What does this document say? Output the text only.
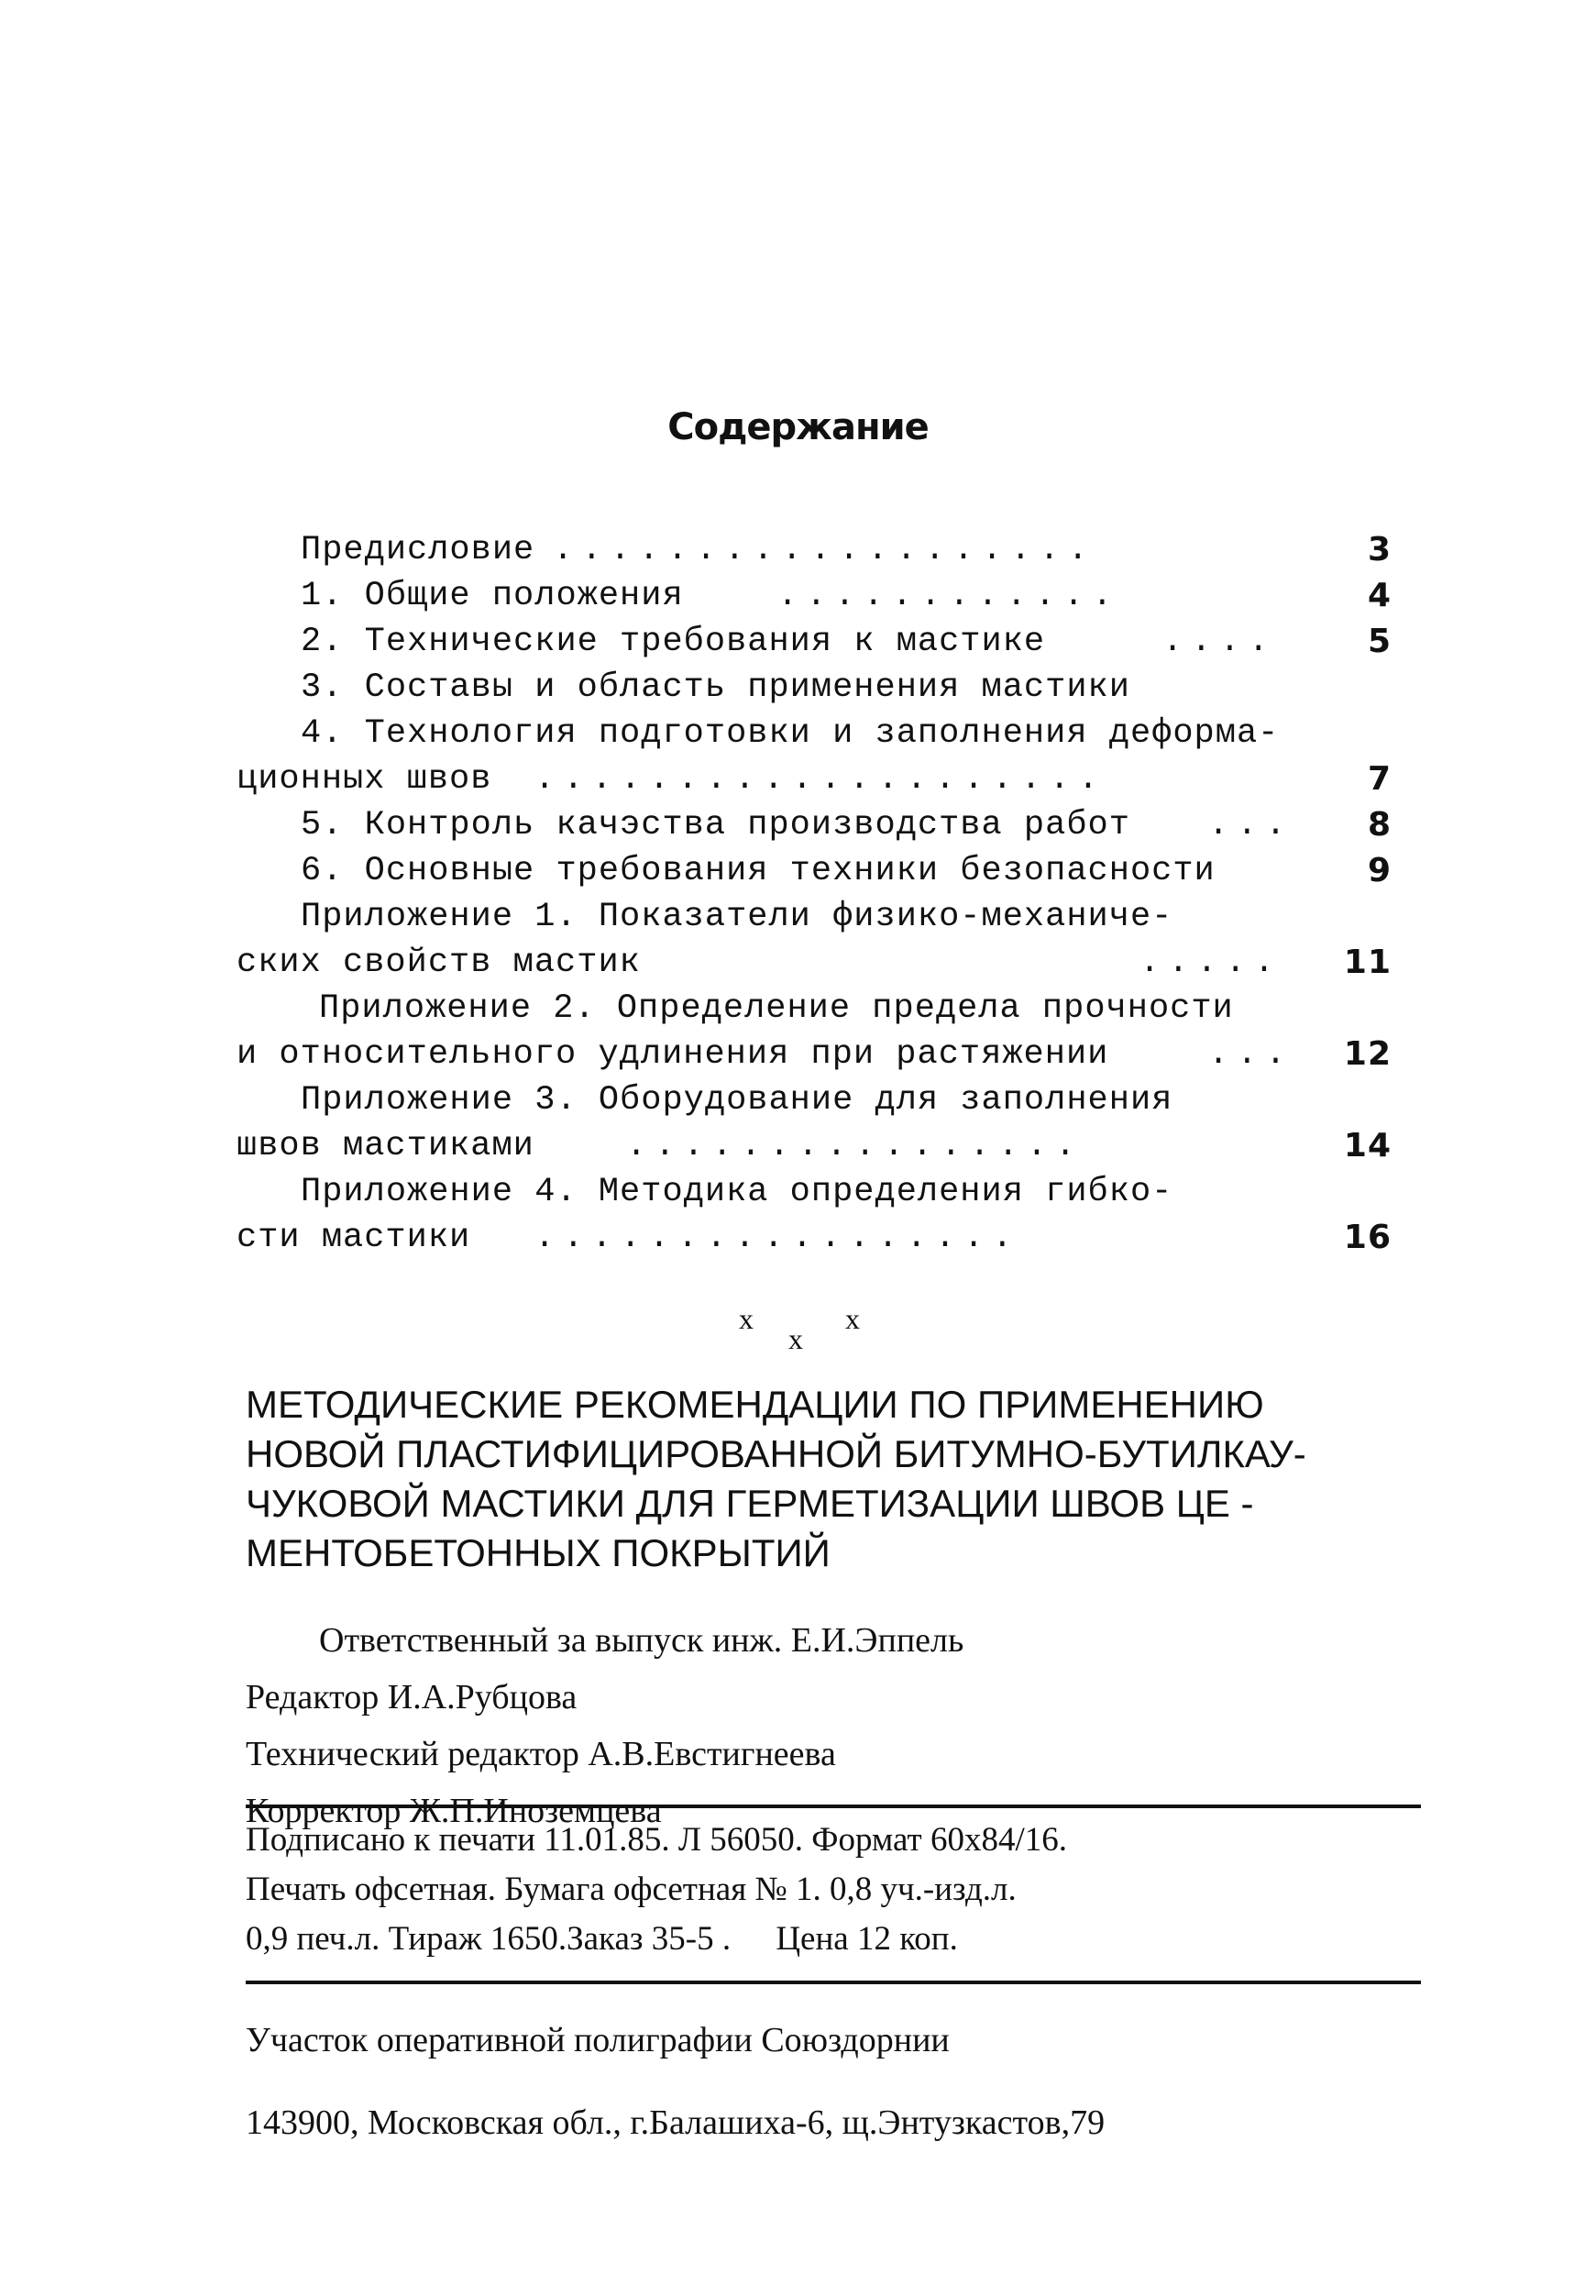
Содержание
Предисловие ...................	3
1. Общие положения	............	4
2. Технические требования к мастике	....	5
3. Составы и область применения мастики
4. Технология подготовки и заполнения деформа-
ционных швов ....................	7
5. Контроль качэства производства работ ...	8
6. Основные требования техники безопасности	9
Приложение 1. Показатели физико-механиче-
ских свойств мастик	..... 11
Приложение 2. Определение предела прочности
и относительного удлинения при растяжении	... 12
Приложение 3. Оборудование для заполнения
швов мастиками	................	14
Приложение 4. Методика определения гибко-
сти мастики .................	16
x
x
x
МЕТОДИЧЕСКИЕ РЕКОМЕНДАЦИИ ПО ПРИМЕНЕНИЮ
НОВОЙ ПЛАСТИФИЦИРОВАННОЙ БИТУМНО-БУТИЛКАУ-
ЧУКОВОЙ МАСТИКИ ДЛЯ ГЕРМЕТИЗАЦИИ ШВОВ ЦЕ -
МЕНТОБЕТОННЫХ ПОКРЫТИЙ
Ответственный за выпуск инж. Е.И.Эппель
Редактор И.А.Рубцова
Технический редактор А.В.Евстигнеева
Корректор Ж.П.Иноземцева
Подписано к печати 11.01.85. Л 56050. Формат 60х84/16.
Печать офсетная. Бумага офсетная № 1. 0,8 уч.-изд.л.
0,9 печ.л. Тираж 1650.Заказ 35-5 . Цена 12 коп.
Участок оперативной полиграфии Союздорнии
143900, Московская обл., г.Балашиха-6, щ.Энтузкастов,79
